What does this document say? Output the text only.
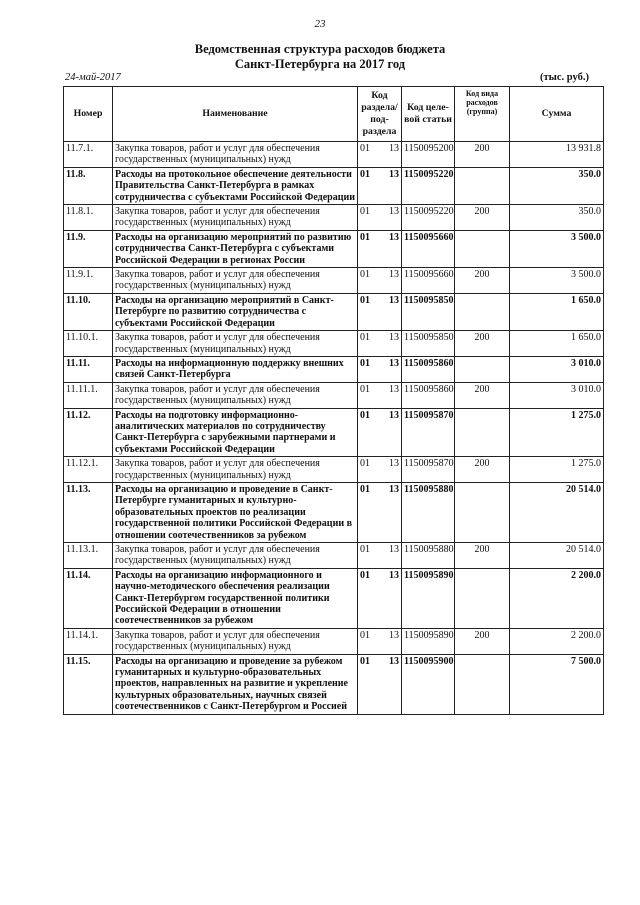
23
Ведомственная структура расходов бюджета
Санкт-Петербурга на 2017 год
24-май-2017	(тыс. руб.)
Номер	Наименование	Код раздела/ под-раздела	Код целе-вой статьи	Код вида расходов (группа)	Сумма
11.7.1.	Закупка товаров, работ и услуг для обеспечения государственных (муниципальных) нужд	01 13	1150095200	200	13 931.8
11.8.	Расходы на протокольное обеспечение деятельности Правительства Санкт-Петербурга в рамках сотрудничества с субъектами Российской Федерации	01 13	1150095220		350.0
11.8.1.	Закупка товаров, работ и услуг для обеспечения государственных (муниципальных) нужд	01 13	1150095220	200	350.0
11.9.	Расходы на организацию мероприятий по развитию сотрудничества Санкт-Петербурга с субъектами Российской Федерации в регионах России	01 13	1150095660		3 500.0
11.9.1.	Закупка товаров, работ и услуг для обеспечения государственных (муниципальных) нужд	01 13	1150095660	200	3 500.0
11.10.	Расходы на организацию мероприятий в Санкт-Петербурге по развитию сотрудничества с субъектами Российской Федерации	01 13	1150095850		1 650.0
11.10.1.	Закупка товаров, работ и услуг для обеспечения государственных (муниципальных) нужд	01 13	1150095850	200	1 650.0
11.11.	Расходы на информационную поддержку внешних связей Санкт-Петербурга	01 13	1150095860		3 010.0
11.11.1.	Закупка товаров, работ и услуг для обеспечения государственных (муниципальных) нужд	01 13	1150095860	200	3 010.0
11.12.	Расходы на подготовку информационно-аналитических материалов по сотрудничеству Санкт-Петербурга с зарубежными партнерами и субъектами Российской Федерации	01 13	1150095870		1 275.0
11.12.1.	Закупка товаров, работ и услуг для обеспечения государственных (муниципальных) нужд	01 13	1150095870	200	1 275.0
11.13.	Расходы на организацию и проведение в Санкт-Петербурге гуманитарных и культурно-образовательных проектов по реализации государственной политики Российской Федерации в отношении соотечественников за рубежом	01 13	1150095880		20 514.0
11.13.1.	Закупка товаров, работ и услуг для обеспечения государственных (муниципальных) нужд	01 13	1150095880	200	20 514.0
11.14.	Расходы на организацию информационного и научно-методического обеспечения реализации Санкт-Петербургом государственной политики Российской Федерации в отношении соотечественников за рубежом	01 13	1150095890		2 200.0
11.14.1.	Закупка товаров, работ и услуг для обеспечения государственных (муниципальных) нужд	01 13	1150095890	200	2 200.0
11.15.	Расходы на организацию и проведение за рубежом гуманитарных и культурно-образовательных проектов, направленных на развитие и укрепление культурных образовательных, научных связей соотечественников с Санкт-Петербургом и Россией	01 13	1150095900		7 500.0
